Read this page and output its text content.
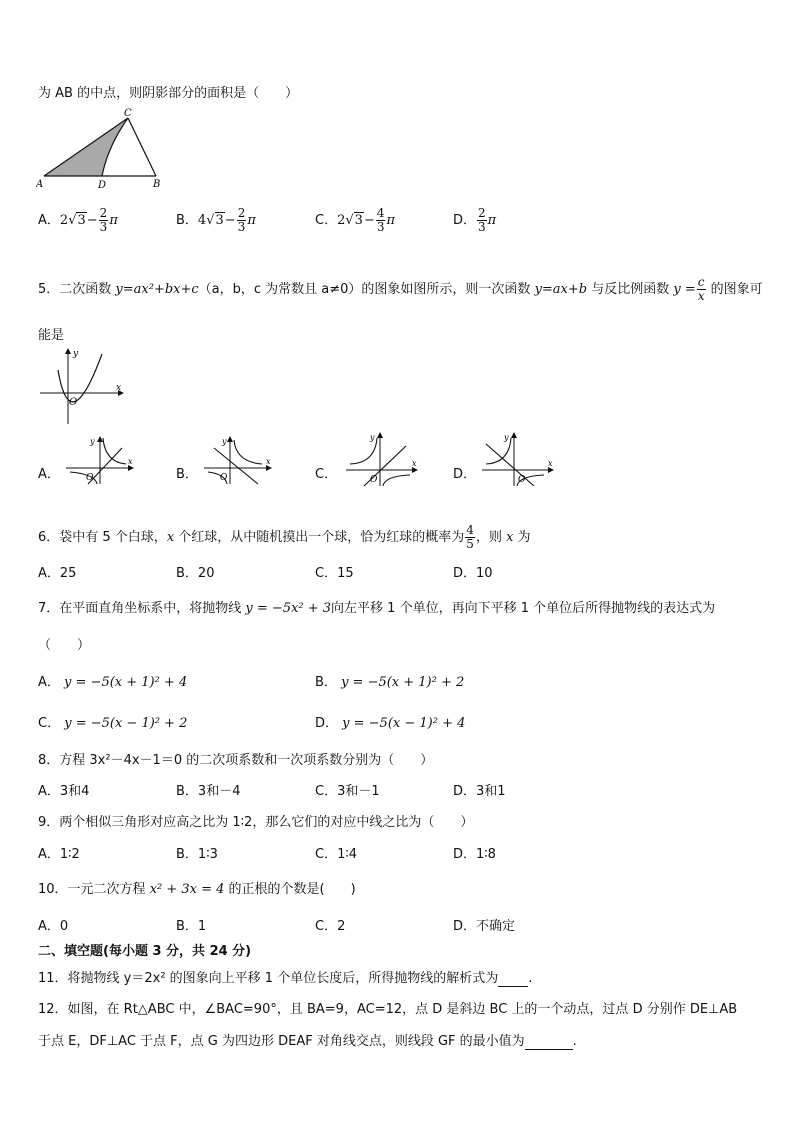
为 AB 的中点，则阴影部分的面积是（　　）
A	D	B
C
A．$2√3- \frac{2}{3}$ π	B．$4√3- \frac{2}{3}$ π	C．$2√3- \frac{4}{3}$ π	D． $\frac{2}{3}$ π
5．二次函数 y=ax²+bx+c（a，b，c 为常数且 a≠0）的图象如图所示，则一次函数 y=ax+b 与反比例函数 $y = \frac{c}{x}$ 的图象可
能是
y
x
O
A．
y
x
O	B．
y
x
O	C．
y
x
O	D．
y
x
O
6．袋中有 5 个白球，x 个红球，从中随机摸出一个球，恰为红球的概率为 $\frac{4}{5}$ ，则 x 为
A．25	B．20	C．15	D．10
7．在平面直角坐标系中，将抛物线 y = −5x² + 3向左平移 1 个单位，再向下平移 1 个单位后所得抛物线的表达式为
（　　）
A． y = −5(x + 1)² + 4	B． y = −5(x + 1)² + 2
C． y = −5(x − 1)² + 2	D． y = −5(x − 1)² + 4
8．方程 3x²－4x－1＝0 的二次项系数和一次项系数分别为（　　）
A．3和4	B．3和－4	C．3和－1	D．3和1
9．两个相似三角形对应高之比为 1∶2，那么它们的对应中线之比为（　　）
A．1∶2	B．1∶3	C．1∶4	D．1∶8
10．一元二次方程 x² + 3x = 4 的正根的个数是(　　)
A．0	B．1	C．2	D．不确定
二、填空题(每小题 3 分，共 24 分)
11．将抛物线 y＝2x² 的图象向上平移 1 个单位长度后，所得抛物线的解析式为 .
12．如图，在 Rt△ABC 中，∠BAC=90°，且 BA=9，AC=12，点 D 是斜边 BC 上的一个动点，过点 D 分别作 DE⊥AB
于点 E，DF⊥AC 于点 F，点 G 为四边形 DEAF 对角线交点，则线段 GF 的最小值为	.
